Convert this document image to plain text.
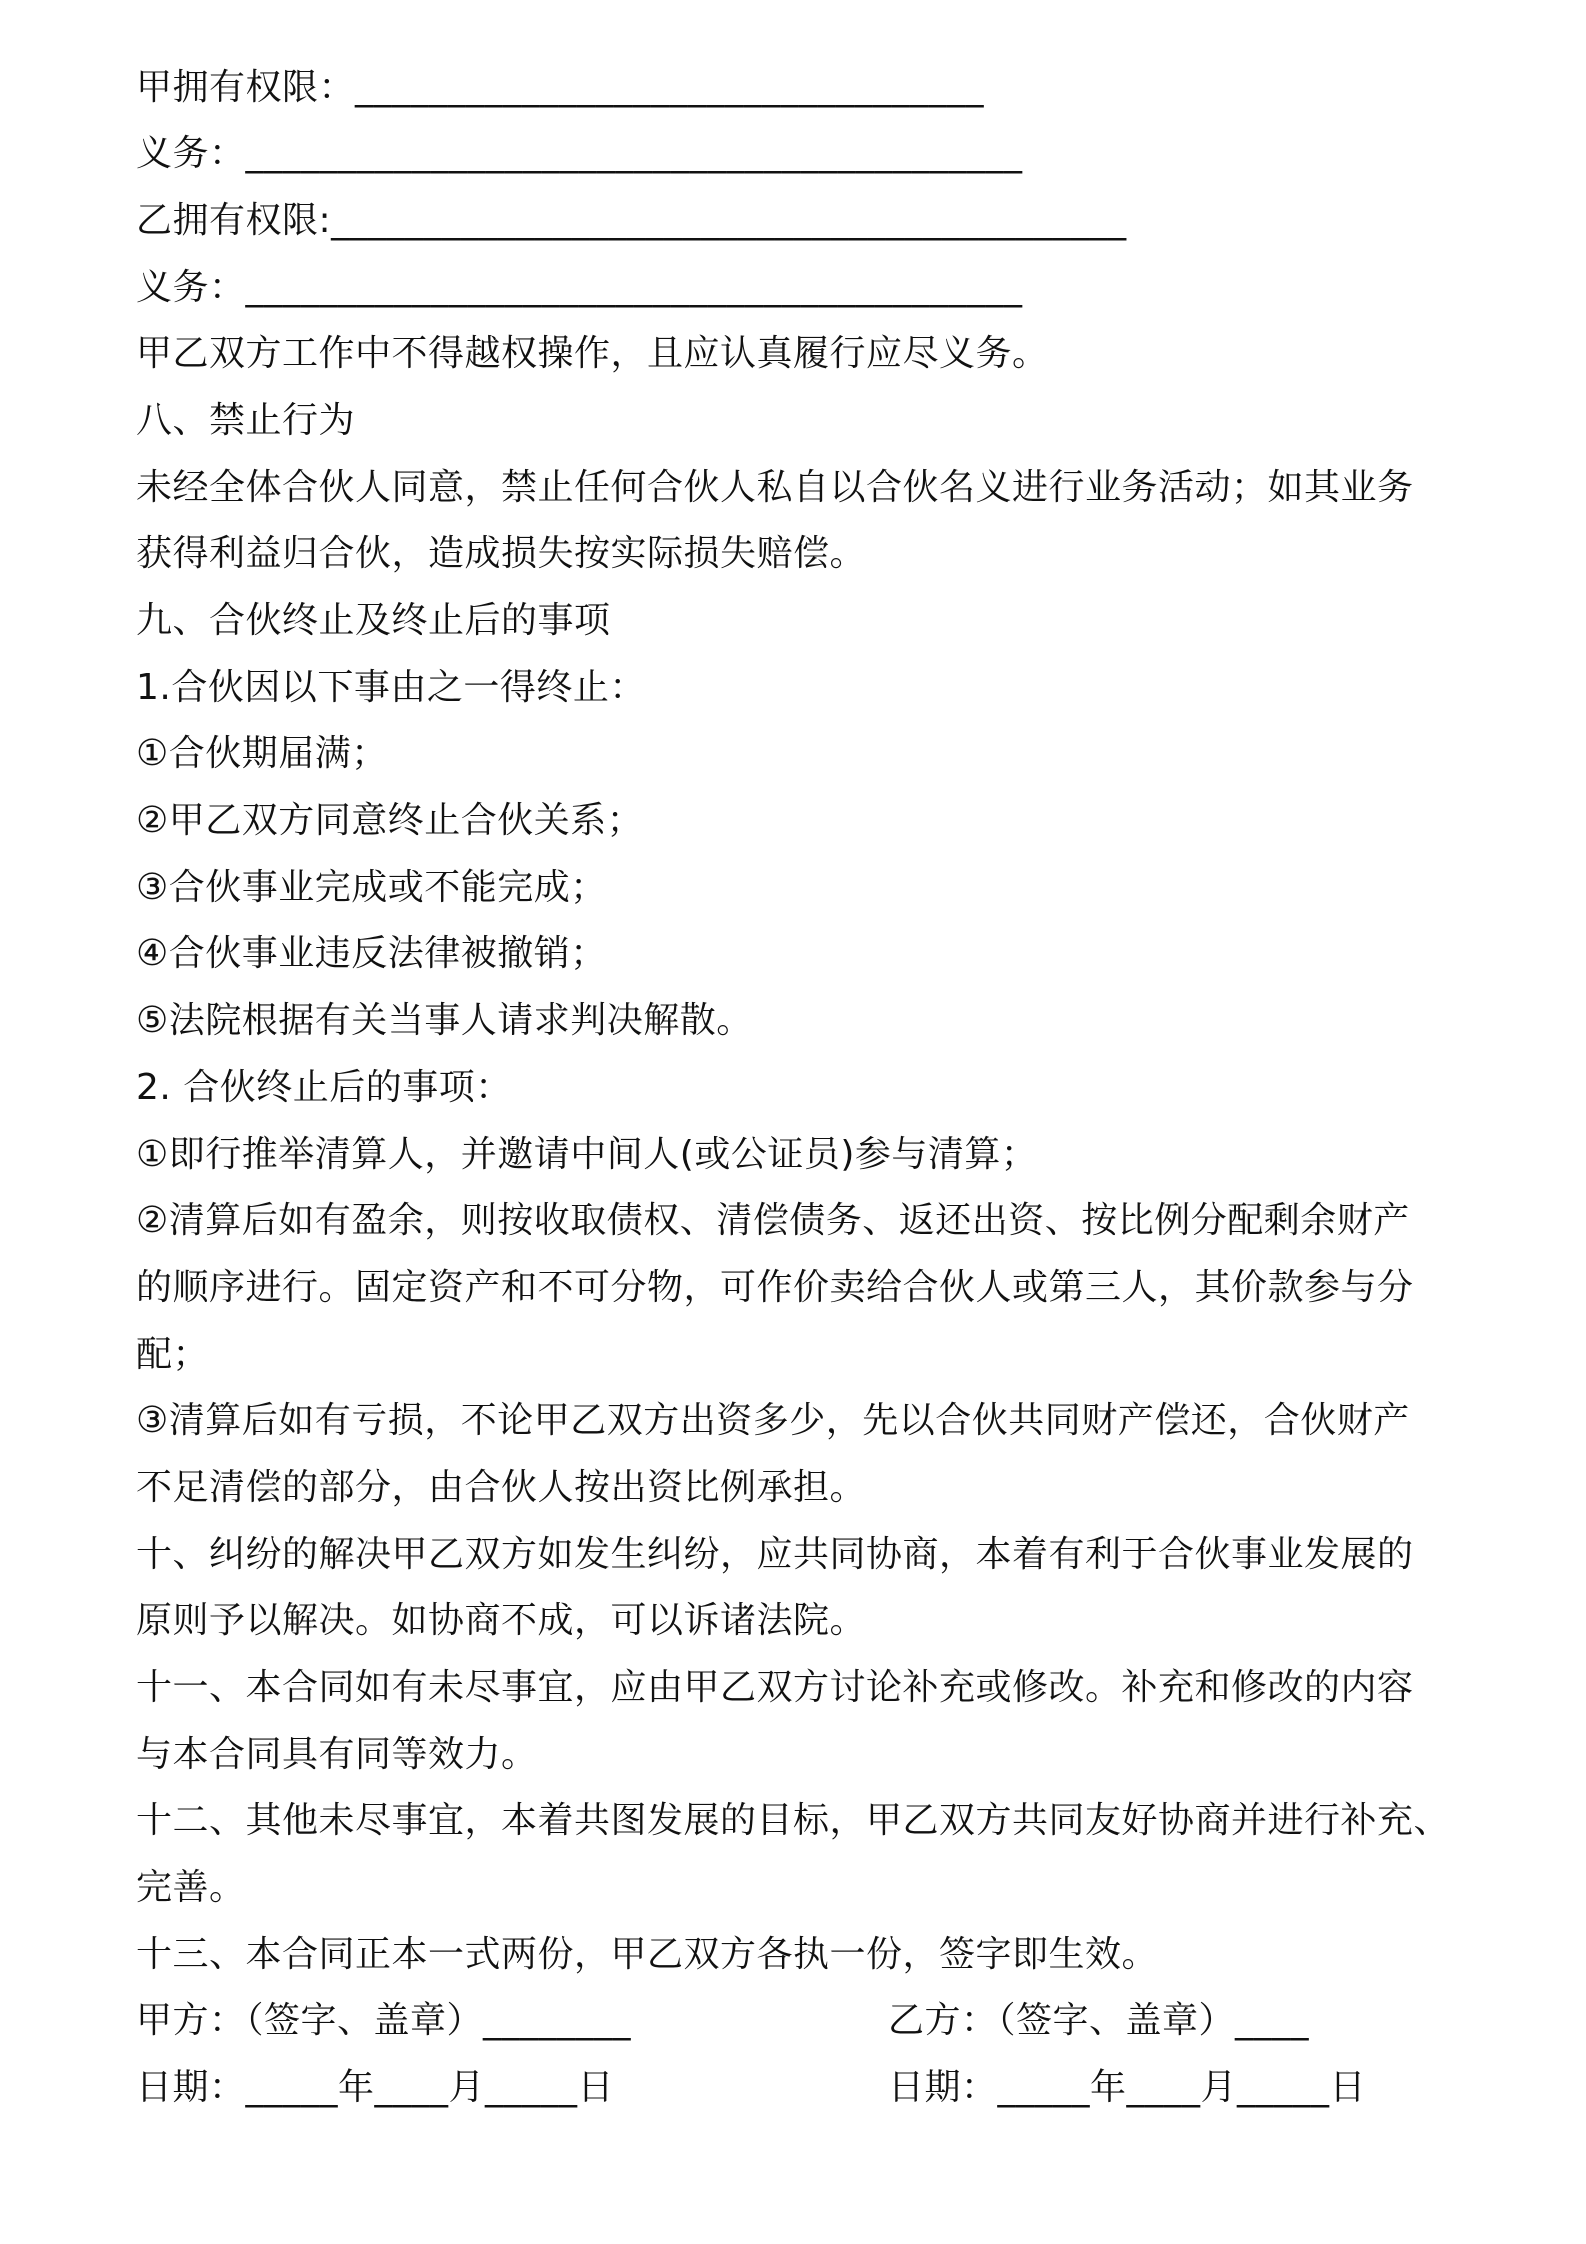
甲拥有权限：__________________________________
义务：__________________________________________
乙拥有权限:___________________________________________
义务：__________________________________________
甲乙双方工作中不得越权操作，且应认真履行应尽义务。
八、禁止行为
未经全体合伙人同意，禁止任何合伙人私自以合伙名义进行业务活动；如其业务
获得利益归合伙，造成损失按实际损失赔偿。
九、合伙终止及终止后的事项
1.合伙因以下事由之一得终止：
①合伙期届满；
②甲乙双方同意终止合伙关系；
③合伙事业完成或不能完成；
④合伙事业违反法律被撤销；
⑤法院根据有关当事人请求判决解散。
2. 合伙终止后的事项：
①即行推举清算人，并邀请中间人(或公证员)参与清算；
②清算后如有盈余，则按收取债权、清偿债务、返还出资、按比例分配剩余财产
的顺序进行。固定资产和不可分物，可作价卖给合伙人或第三人，其价款参与分
配；
③清算后如有亏损，不论甲乙双方出资多少，先以合伙共同财产偿还，合伙财产
不足清偿的部分，由合伙人按出资比例承担。
十、纠纷的解决甲乙双方如发生纠纷，应共同协商，本着有利于合伙事业发展的
原则予以解决。如协商不成，可以诉诸法院。
十一、本合同如有未尽事宜，应由甲乙双方讨论补充或修改。补充和修改的内容
与本合同具有同等效力。
十二、其他未尽事宜，本着共图发展的目标，甲乙双方共同友好协商并进行补充、
完善。
十三、本合同正本一式两份，甲乙双方各执一份，签字即生效。
甲方：（签字、盖章）________	乙方：（签字、盖章）____
日期：_____年____月_____日	日期：_____年____月_____日
